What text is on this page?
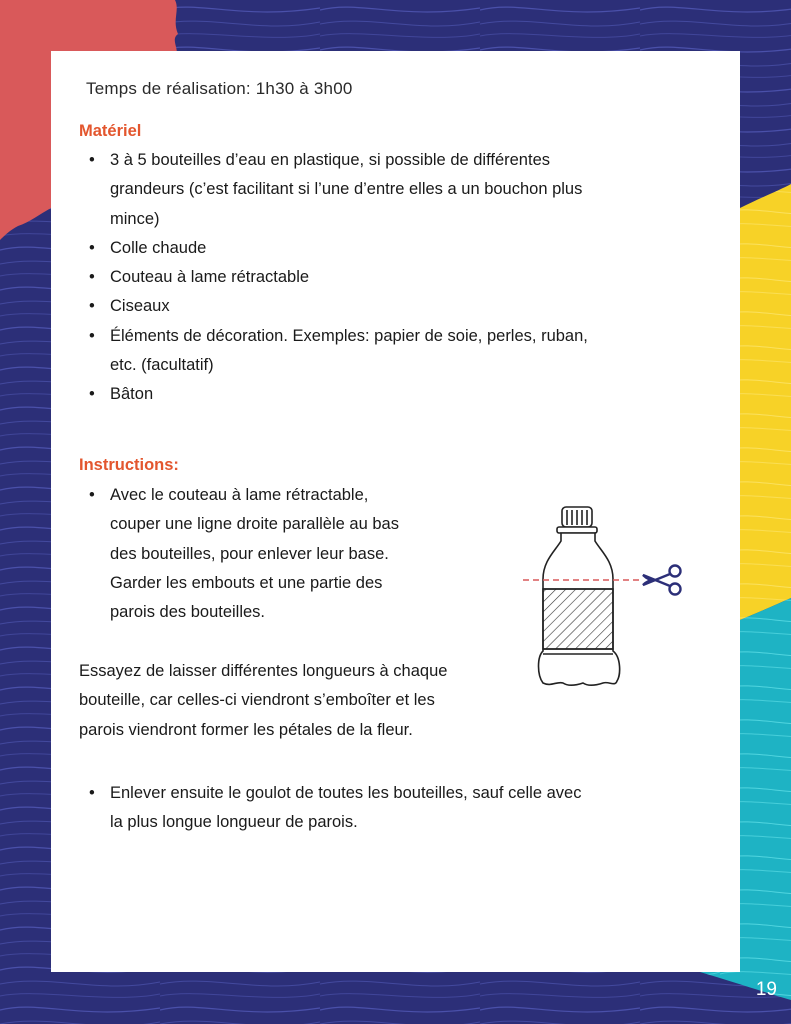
Temps de réalisation: 1h30 à 3h00
Matériel
• 3 à 5 bouteilles d’eau en plastique, si possible de différentes
grandeurs (c’est facilitant si l’une d’entre elles a un bouchon plus
mince)
• Colle chaude
• Couteau à lame rétractable
• Ciseaux
• Éléments de décoration. Exemples: papier de soie, perles, ruban,
etc. (facultatif)
• Bâton
Instructions:
• Avec le couteau à lame rétractable,
couper une ligne droite parallèle au bas
des bouteilles, pour enlever leur base.
Garder les embouts et une partie des
parois des bouteilles.
Essayez de laisser différentes longueurs à chaque
bouteille, car celles-ci viendront s’emboîter et les
parois viendront former les pétales de la fleur.
• Enlever ensuite le goulot de toutes les bouteilles, sauf celle avec
la plus longue longueur de parois.
19
